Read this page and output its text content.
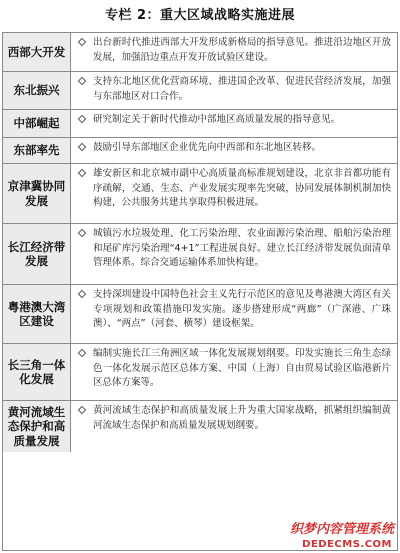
专栏 2：重大区域战略实施进展
西部大开发
出台新时代推进西部大开发形成新格局的指导意见。推进沿边地区开放发展，加强沿边重点开发开放试验区建设。
东北振兴
支持东北地区优化营商环境、推进国企改革、促进民营经济发展，加强与东部地区对口合作。
中部崛起	研究制定关于新时代推动中部地区高质量发展的指导意见。
东部率先	鼓励引导东部地区企业优先向中西部和东北地区转移。
京津冀协同发展
雄安新区和北京城市副中心高质量高标准规划建设，北京非首都功能有序疏解，交通、生态、产业发展实现率先突破，协同发展体制机制加快构建，公共服务共建共享取得积极进展。
长江经济带发展
城镇污水垃圾处理、化工污染治理、农业面源污染治理、船舶污染治理和尾矿库污染治理“4+1”工程进展良好。建立长江经济带发展负面清单管理体系。综合交通运输体系加快构建。
粤港澳大湾区建设
支持深圳建设中国特色社会主义先行示范区的意见及粤港澳大湾区有关专项规划和政策措施印发实施。逐步搭建形成“两廊”（广深港、广珠澳）、“两点”（河套、横琴）建设框架。
长三角一体化发展
编制实施长江三角洲区域一体化发展规划纲要。印发实施长三角生态绿色一体化发展示范区总体方案、中国（上海）自由贸易试验区临港新片区总体方案等。
黄河流域生态保护和高质量发展
黄河流域生态保护和高质量发展上升为重大国家战略，抓紧组织编制黄河流域生态保护和高质量发展规划纲要。
织梦内容管理系统
DEDECMS.COM
